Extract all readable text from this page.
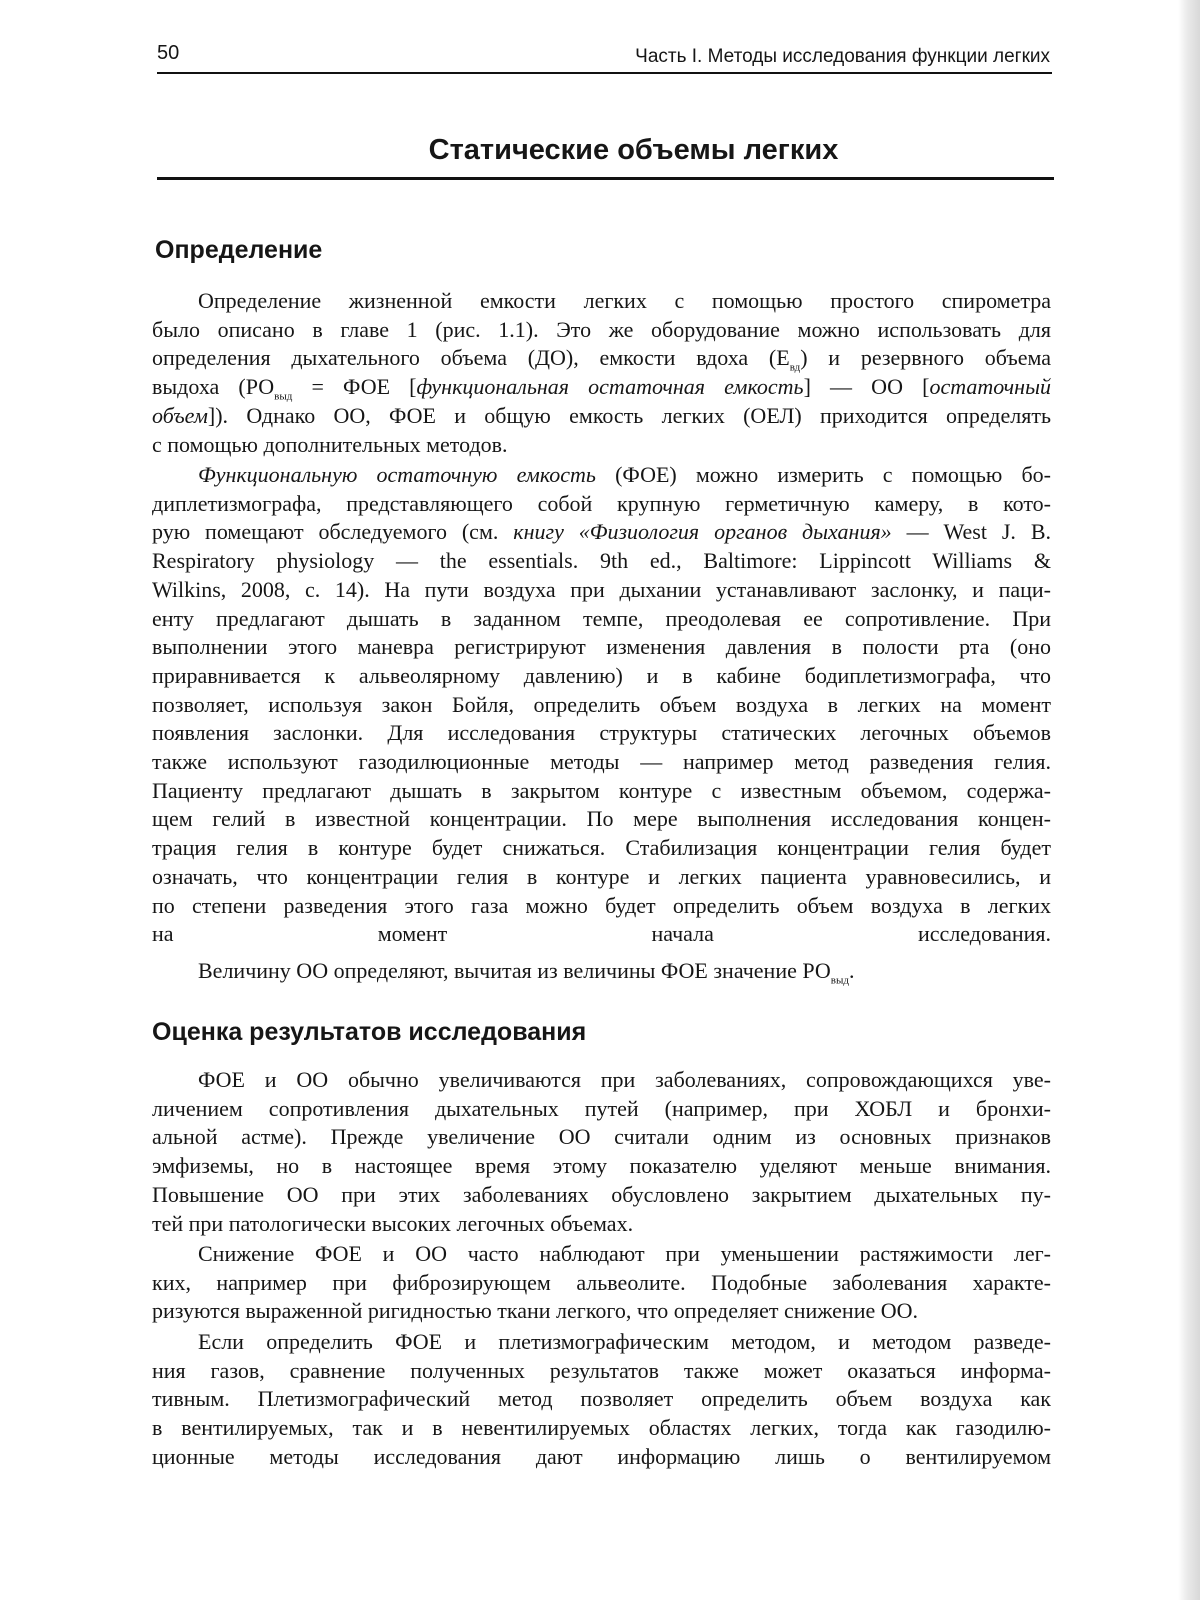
50	Часть I. Методы исследования функции легких
Статические объемы легких
Определение

Определение жизненной емкости легких с помощью простого спирометра
было описано в главе 1 (рис. 1.1). Это же оборудование можно использовать для
определения дыхательного объема (ДО), емкости вдоха $(Е_{вд})$ и резервного объема
выдоха ($РО_{выд}$ = ФОЕ [функциональная остаточная емкость] — ОО [остаточный
объем]). Однако ОО, ФОЕ и общую емкость легких (ОЕЛ) приходится определять
с помощью дополнительных методов.

Функциональную остаточную емкость (ФОЕ) можно измерить с помощью бо-
диплетизмографа, представляющего собой крупную герметичную камеру, в кото-
рую помещают обследуемого (см. книгу «Физиология органов дыхания» — West J. B.
Respiratory physiology — the essentials. 9th ed., Baltimore: Lippincott Williams &
Wilkins, 2008, с. 14). На пути воздуха при дыхании устанавливают заслонку, и паци-
енту предлагают дышать в заданном темпе, преодолевая ее сопротивление. При
выполнении этого маневра регистрируют изменения давления в полости рта (оно
приравнивается к альвеолярному давлению) и в кабине бодиплетизмографа, что
позволяет, используя закон Бойля, определить объем воздуха в легких на момент
появления заслонки. Для исследования структуры статических легочных объемов
также используют газодилюционные методы — например метод разведения гелия.
Пациенту предлагают дышать в закрытом контуре с известным объемом, содержа-
щем гелий в известной концентрации. По мере выполнения исследования концен-
трация гелия в контуре будет снижаться. Стабилизация концентрации гелия будет
означать, что концентрации гелия в контуре и легких пациента уравновесились, и
по степени разведения этого газа можно будет определить объем воздуха в легких
на момент начала исследования.

Величину ОО определяют, вычитая из величины ФОЕ значение $РО_{выд}$.

Оценка результатов исследования

ФОЕ и ОО обычно увеличиваются при заболеваниях, сопровождающихся уве-
личением сопротивления дыхательных путей (например, при ХОБЛ и бронхи-
альной астме). Прежде увеличение ОО считали одним из основных признаков
эмфиземы, но в настоящее время этому показателю уделяют меньше внимания.
Повышение ОО при этих заболеваниях обусловлено закрытием дыхательных пу-
тей при патологически высоких легочных объемах.

Снижение ФОЕ и ОО часто наблюдают при уменьшении растяжимости лег-
ких, например при фиброзирующем альвеолите. Подобные заболевания характе-
ризуются выраженной ригидностью ткани легкого, что определяет снижение ОО.

Если определить ФОЕ и плетизмографическим методом, и методом разведе-
ния газов, сравнение полученных результатов также может оказаться информа-
тивным. Плетизмографический метод позволяет определить объем воздуха как
в вентилируемых, так и в невентилируемых областях легких, тогда как газодилю-
ционные методы исследования дают информацию лишь о вентилируемом
